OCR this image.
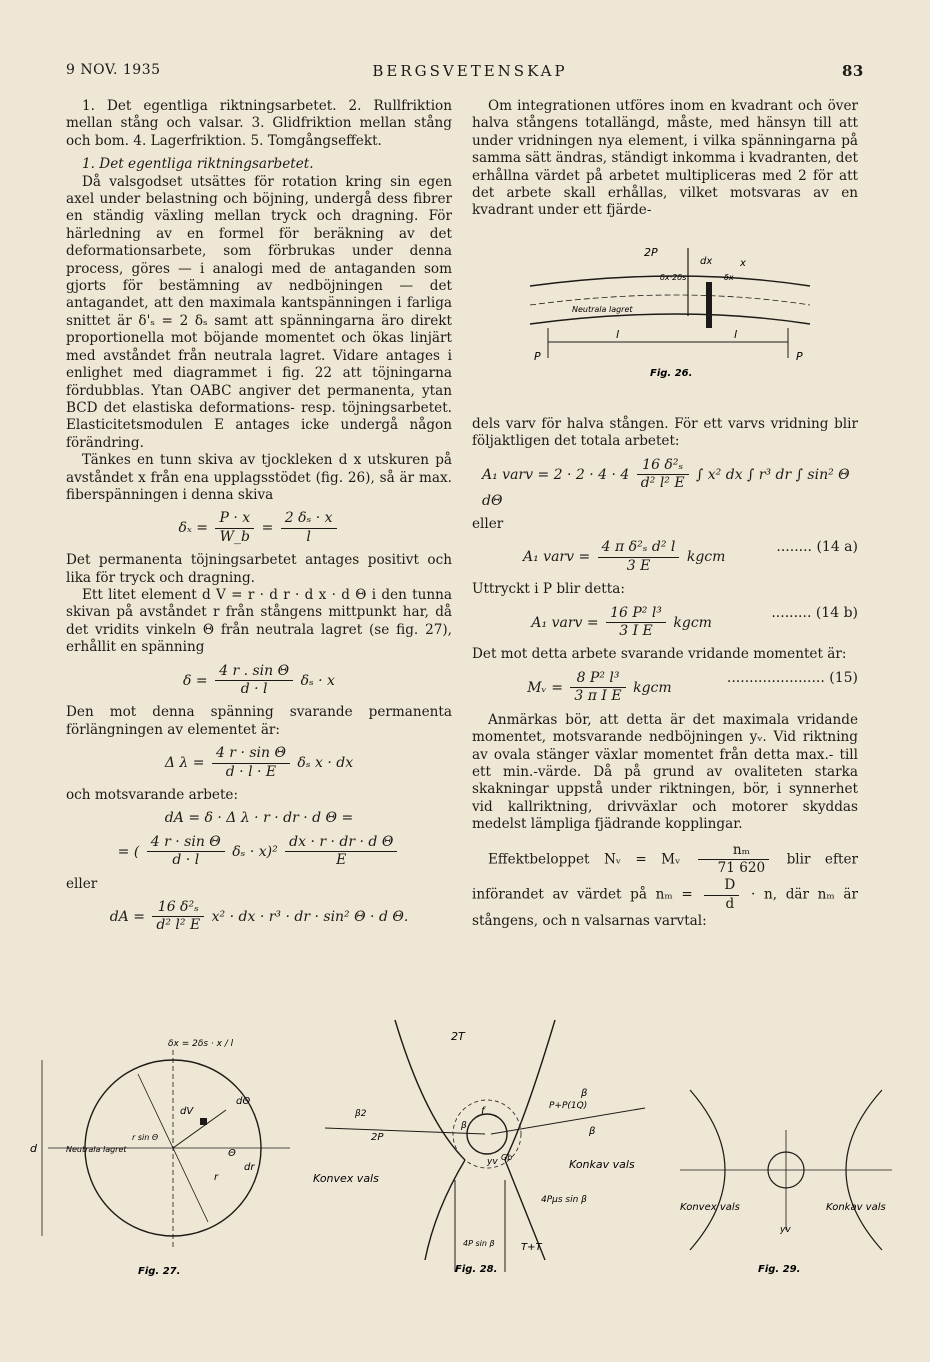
9 NOV. 1935	BERGSVETENSKAP	83

1. Det egentliga riktningsarbetet. 2. Rullfriktion mellan stång och valsar. 3. Glidfriktion mellan stång och bom. 4. Lagerfriktion. 5. Tomgångseffekt.

1. Det egentliga riktningsarbetet.

Då valsgodset utsättes för rotation kring sin egen axel under belastning och böjning, undergå dess fibrer en ständig växling mellan tryck och dragning. För härledning av en formel för beräkning av det deformationsarbete, som förbrukas under denna process, göres — i analogi med de antaganden som gjorts för bestämning av nedböjningen — det antagandet, att den maximala kantspänningen i farliga snittet är δ'ₛ = 2 δₛ samt att spänningarna äro direkt proportionella mot böjande momentet och ökas linjärt med avståndet från neutrala lagret. Vidare antages i enlighet med diagrammet i fig. 22 att töjningarna fördubblas. Ytan OABC angiver det permanenta, ytan BCD det elastiska deformations- resp. töjningsarbetet. Elasticitetsmodulen E antages icke undergå någon förändring.

Tänkes en tunn skiva av tjockleken d x utskuren på avståndet x från ena upplagsstödet (fig. 26), så är max. fiberspänningen i denna skiva

$\delta_x = \frac{P \cdot x}{W\_b} = \frac{\text{2 δₛ · x}}{l}$

Det permanenta töjningsarbetet antages positivt och lika för tryck och dragning.

Ett litet element d V = r · d r · d x · d Θ i den tunna skivan på avståndet r från stångens mittpunkt har, då det vridits vinkeln Θ från neutrala lagret (se fig. 27), erhållit en spänning

$\delta = \frac{\text{4 r . sin Θ}}{d \cdot l}$ δₛ · x

Den mot denna spänning svarande permanenta förlängningen av elementet är:

Δ $\lambda = \frac{\text{4 r · sin Θ}}{d \cdot l \cdot E}$ δₛ x · dx

och motsvarande arbete:

dA = δ · Δ λ · r · dr · d Θ =
= ( $\frac{\text{4 r · sin Θ}}{d \cdot l}$ $\delta_s \cdot x)^2 \frac{\text{dx · r · dr · d Θ}}{E}$

eller

dA = $\frac{\text{16 δ²ₛ}}{\text{d² l² E}} x^2$ · dx · r³ · dr · sin² Θ · d Θ.

Om integrationen utföres inom en kvadrant och över halva stångens totallängd, måste, med hänsyn till att under vridningen nya element, i vilka spänningarna på samma sätt ändras, ständigt inkomma i kvadranten, det erhållna värdet på arbetet multipliceras med 2 för att det arbete skall erhållas, vilket motsvaras av en kvadrant under ett fjärde-

2P
dx	x
δx·2δs	δx
Neutrala lagret
l	l
P	P
Fig. 26.

dels varv för halva stången. För ett varvs vridning blir följaktligen det totala arbetet:

A₁ varv = $2 \cdot 2 \cdot 4 \cdot 4 \frac{\text{16 δ²ₛ}}{\text{d² l² E}}$ ∫ x² dx ∫ r³ dr ∫ sin² Θ dΘ

eller

A₁ varv = $\frac{\text{4 π δ²ₛ d² l}}{3 E}$ kgcm
........ (14 a)

Uttryckt i P blir detta:

A₁ varv = $\frac{\text{16 P² l³}}{\text{3 I E}}$ kgcm
......... (14 b)

Det mot detta arbete svarande vridande momentet är:

Mᵥ = $\frac{\text{8 P² l³}}{\text{3 π I E}}$ kgcm
...................... (15)

Anmärkas bör, att detta är det maximala vridande momentet, motsvarande nedböjningen yᵥ. Vid riktning av ovala stänger växlar momentet från detta max.- till ett min.-värde. Då på grund av ovaliteten starka skakningar uppstå under riktningen, bör, i synnerhet vid kallriktning, drivväxlar och motorer skyddas medelst lämpliga fjädrande kopplingar.

Effektbeloppet Nᵥ = Mᵥ $\frac{\text{nₘ}}{71 620}$ blir efter införandet av värdet på $n_m = \frac{D}{d} \cdot n$, där nₘ är stångens, och n valsarnas varvtal:

δx = 2δs · x / l
dV
dΘ
r sin Θ
Neutrala lagret
r
dr
Θ
d
Fig. 27.
2T
β
β
β2
2P
P+P(1Q)
β
f
yv
Konvex vals
Konkav vals
4Pμs sin β
4P sin β	T+T
Gb
Fig. 28.
Konvex vals	Konkav vals
yv
Fig. 29.
